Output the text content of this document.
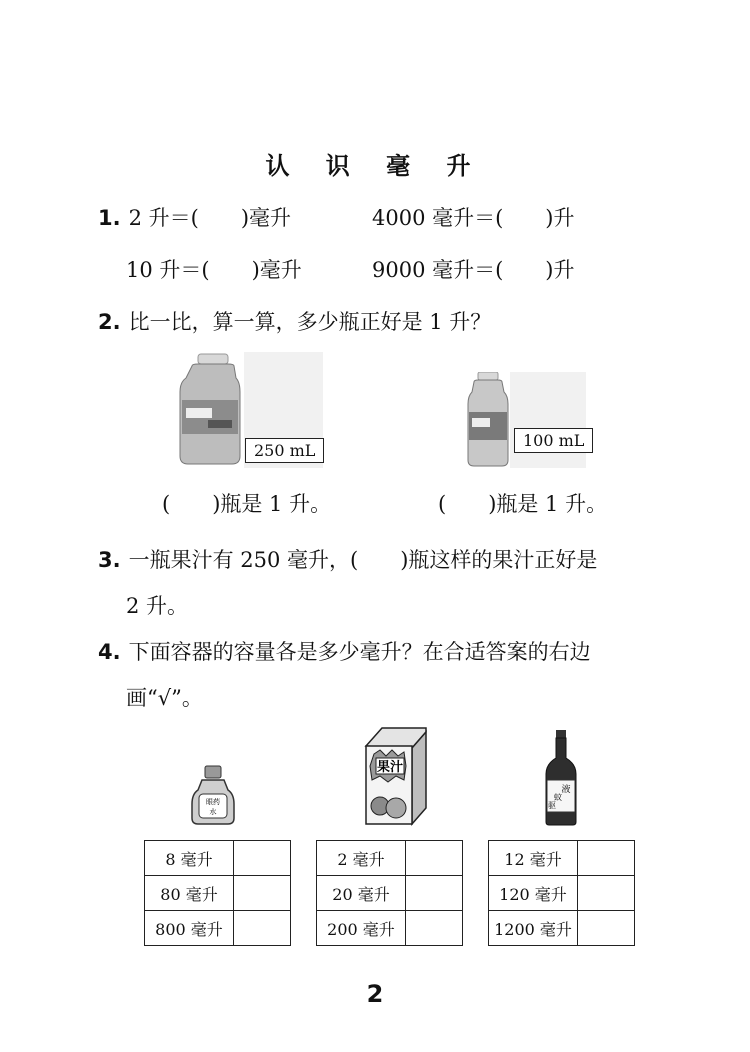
认 识 毫 升
1. 2 升＝(　　)毫升	4000 毫升＝(　　)升
10 升＝(　　)毫升	9000 毫升＝(　　)升
2. 比一比，算一算，多少瓶正好是 1 升？
250 mL
100 mL
(　　)瓶是 1 升。	(　　)瓶是 1 升。
3. 一瓶果汁有 250 毫升，(　　)瓶这样的果汁正好是
2 升。
4. 下面容器的容量各是多少毫升？在合适答案的右边
画“√”。
眼药
水
果汁
液
蚊
驱
8 毫升	
80 毫升	
800 毫升	
2 毫升	
20 毫升	
200 毫升	
12 毫升	
120 毫升	
1200 毫升	
2
